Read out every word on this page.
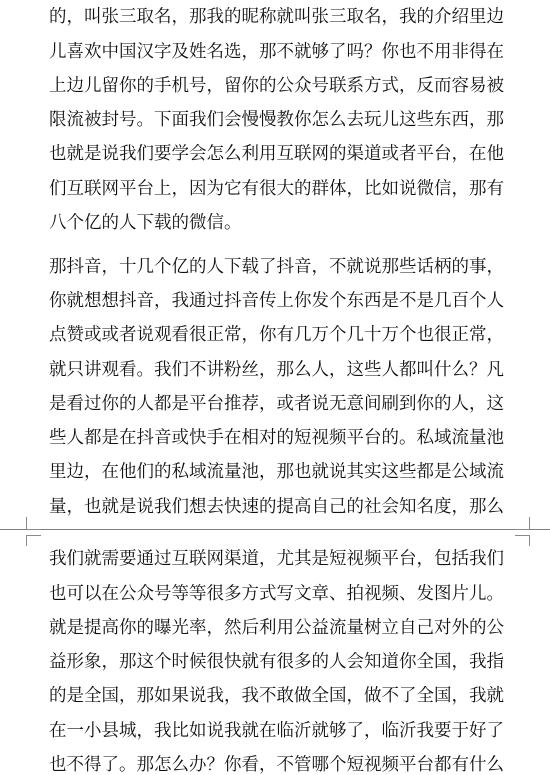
的，叫张三取名，那我的昵称就叫张三取名，我的介绍里边
儿喜欢中国汉字及姓名选，那不就够了吗？你也不用非得在
上边儿留你的手机号，留你的公众号联系方式，反而容易被
限流被封号。下面我们会慢慢教你怎么去玩儿这些东西，那
也就是说我们要学会怎么利用互联网的渠道或者平台，在他
们互联网平台上，因为它有很大的群体，比如说微信，那有
八个亿的人下载的微信。
那抖音，十几个亿的人下载了抖音，不就说那些话柄的事，
你就想想抖音，我通过抖音传上你发个东西是不是几百个人
点赞或或者说观看很正常，你有几万个几十万个也很正常，
就只讲观看。我们不讲粉丝，那么人，这些人都叫什么？凡
是看过你的人都是平台推荐，或者说无意间刷到你的人，这
些人都是在抖音或快手在相对的短视频平台的。私域流量池
里边，在他们的私域流量池，那也就说其实这些都是公域流
量，也就是说我们想去快速的提高自己的社会知名度，那么
我们就需要通过互联网渠道，尤其是短视频平台，包括我们
也可以在公众号等等很多方式写文章、拍视频、发图片儿。
就是提高你的曝光率，然后利用公益流量树立自己对外的公
益形象，那这个时候很快就有很多的人会知道你全国，我指
的是全国，那如果说我，我不敢做全国，做不了全国，我就
在一小县城，我比如说我就在临沂就够了，临沂我要于好了
也不得了。那怎么办？你看，不管哪个短视频平台都有什么
